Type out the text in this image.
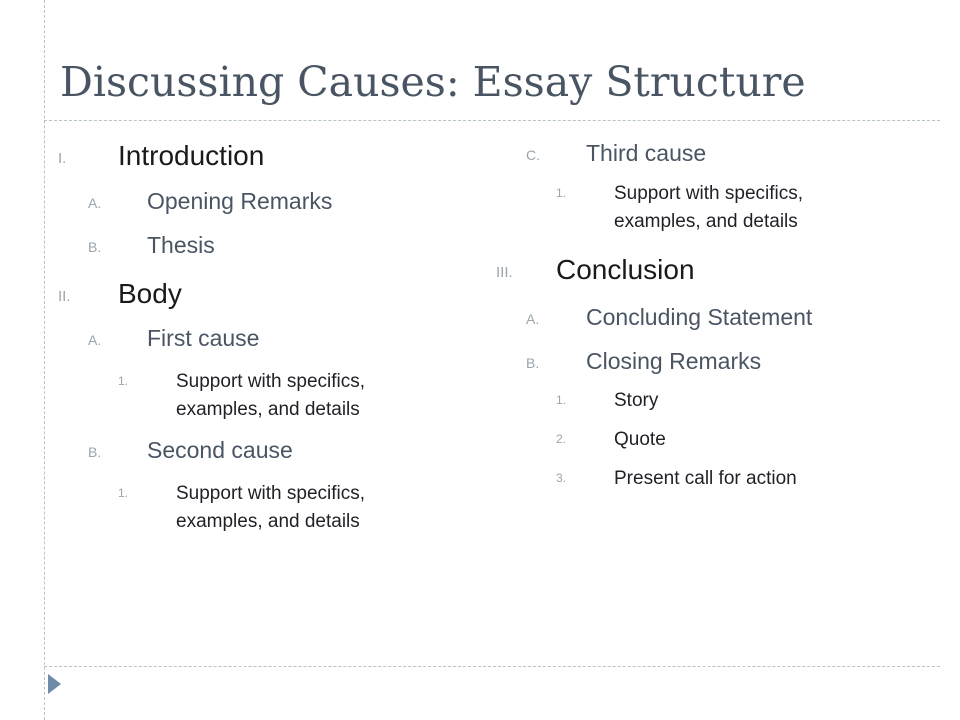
Discussing Causes: Essay Structure
I. Introduction
A. Opening Remarks
B. Thesis
II. Body
A. First cause
1.	Support with specifics,
examples, and details
B. Second cause
1.	Support with specifics,
examples, and details
C. Third cause
1.	Support with specifics,
examples, and details
III. Conclusion
A. Concluding Statement
B. Closing Remarks
1.	Story
2.	Quote
3.	Present call for action
